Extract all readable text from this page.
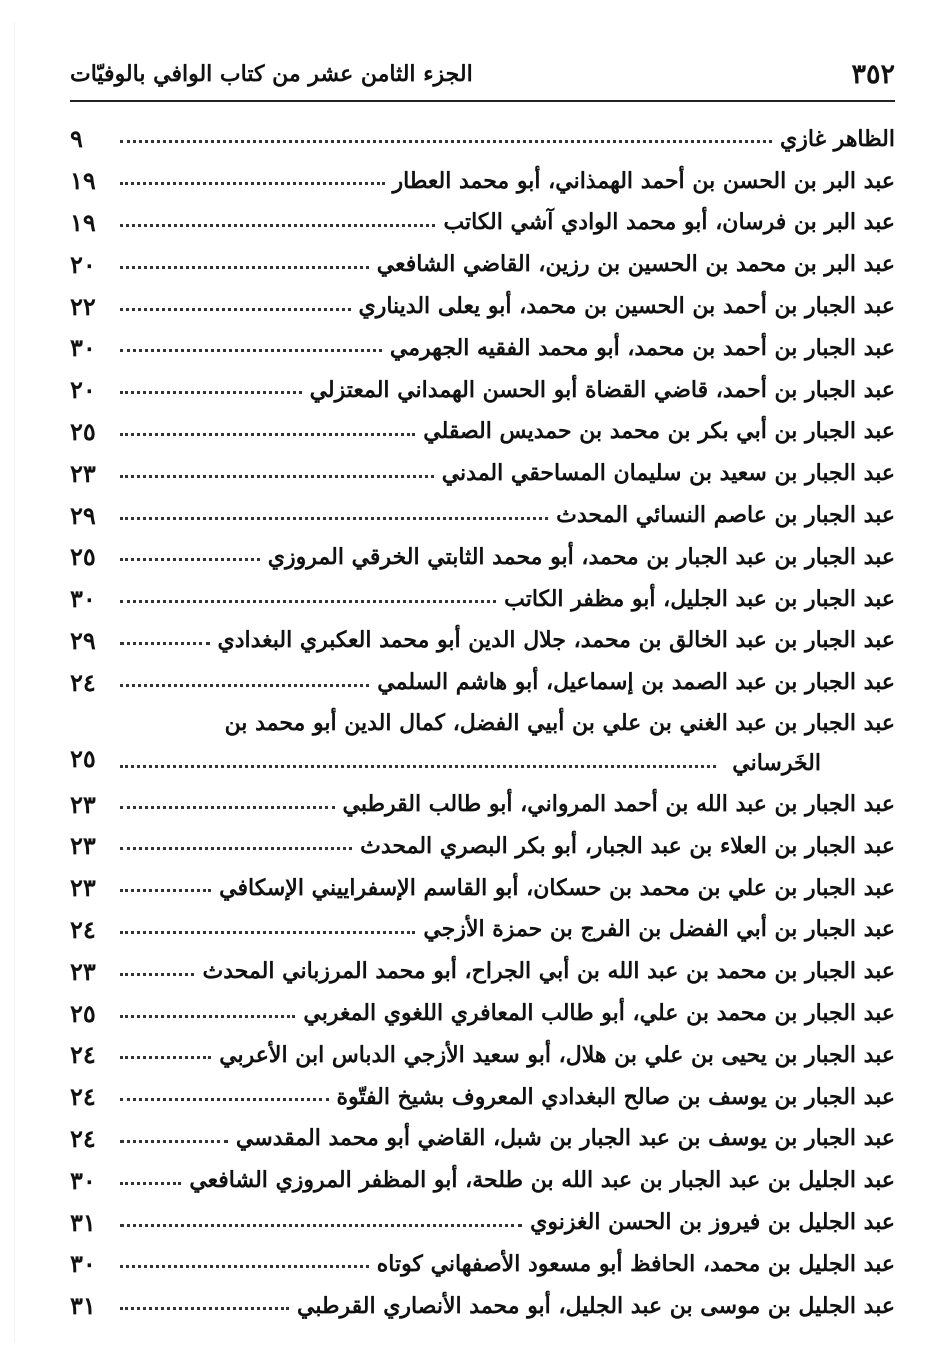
٣٥٢
الجزء الثامن عشر من كتاب الوافي بالوفيّات
الظاهر غازي
٩
عبد البر بن الحسن بن أحمد الهمذاني، أبو محمد العطار
١٩
عبد البر بن فرسان، أبو محمد الوادي آشي الكاتب
١٩
عبد البر بن محمد بن الحسين بن رزين، القاضي الشافعي
٢٠
عبد الجبار بن أحمد بن الحسين بن محمد، أبو يعلى الديناري
٢٢
عبد الجبار بن أحمد بن محمد، أبو محمد الفقيه الجهرمي
٣٠
عبد الجبار بن أحمد، قاضي القضاة أبو الحسن الهمداني المعتزلي
٢٠
عبد الجبار بن أبي بكر بن محمد بن حمديس الصقلي
٢٥
عبد الجبار بن سعيد بن سليمان المساحقي المدني
٢٣
عبد الجبار بن عاصم النسائي المحدث
٢٩
عبد الجبار بن عبد الجبار بن محمد، أبو محمد الثابتي الخرقي المروزي
٢٥
عبد الجبار بن عبد الجليل، أبو مظفر الكاتب
٣٠
عبد الجبار بن عبد الخالق بن محمد، جلال الدين أبو محمد العكبري البغدادي
٢٩
عبد الجبار بن عبد الصمد بن إسماعيل، أبو هاشم السلمي
٢٤
عبد الجبار بن عبد الغني بن علي بن أبيي الفضل، كمال الدين أبو محمد بن
الخَرساني
٢٥
عبد الجبار بن عبد الله بن أحمد المرواني، أبو طالب القرطبي
٢٣
عبد الجبار بن العلاء بن عبد الجبار، أبو بكر البصري المحدث
٢٣
عبد الجبار بن علي بن محمد بن حسكان، أبو القاسم الإسفراييني الإسكافي
٢٣
عبد الجبار بن أبي الفضل بن الفرج بن حمزة الأزجي
٢٤
عبد الجبار بن محمد بن عبد الله بن أبي الجراح، أبو محمد المرزباني المحدث
٢٣
عبد الجبار بن محمد بن علي، أبو طالب المعافري اللغوي المغربي
٢٥
عبد الجبار بن يحيى بن علي بن هلال، أبو سعيد الأزجي الدباس ابن الأعربي
٢٤
عبد الجبار بن يوسف بن صالح البغدادي المعروف بشيخ الفتّوة
٢٤
عبد الجبار بن يوسف بن عبد الجبار بن شبل، القاضي أبو محمد المقدسي
٢٤
عبد الجليل بن عبد الجبار بن عبد الله بن طلحة، أبو المظفر المروزي الشافعي
٣٠
عبد الجليل بن فيروز بن الحسن الغزنوي
٣١
عبد الجليل بن محمد، الحافظ أبو مسعود الأصفهاني كوتاه
٣٠
عبد الجليل بن موسى بن عبد الجليل، أبو محمد الأنصاري القرطبي
٣١
